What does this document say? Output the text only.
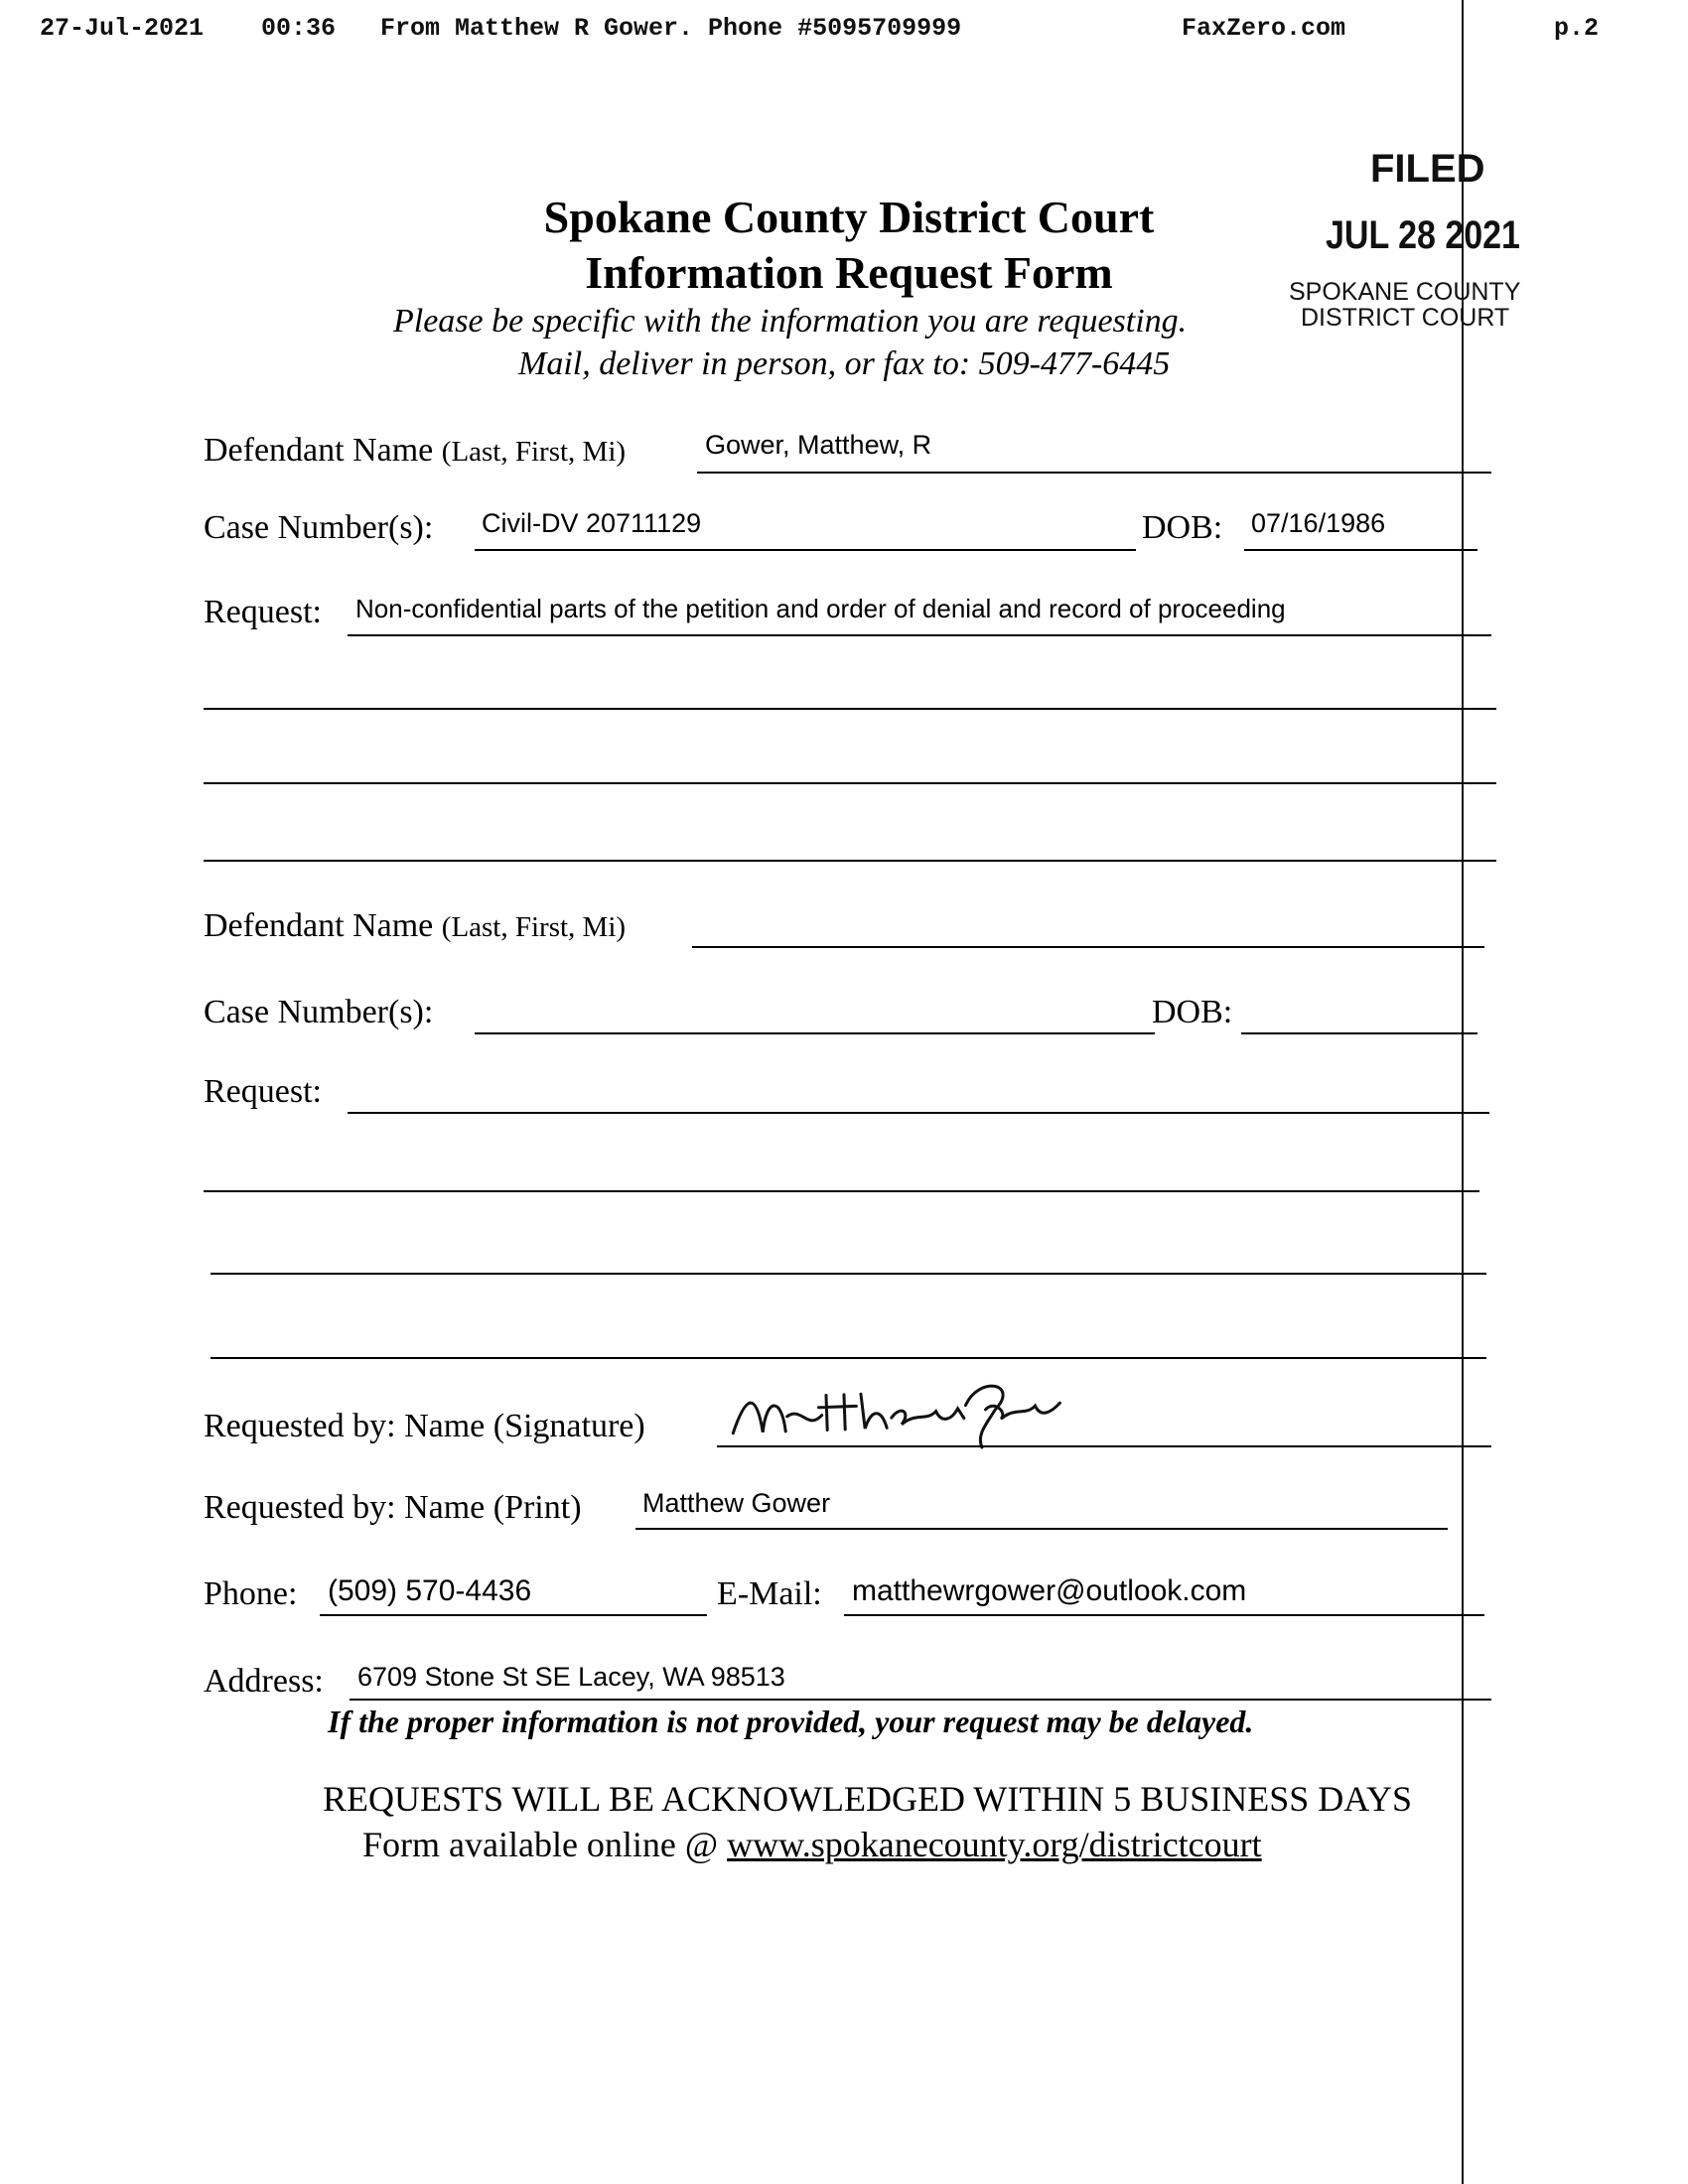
27-Jul-2021 00:36 From Matthew R Gower. Phone #5095709999	FaxZero.com	p.2
FILED
JUL 28 2021
SPOKANE COUNTY
DISTRICT COURT
Spokane County District Court
Information Request Form
Please be specific with the information you are requesting.
Mail, deliver in person, or fax to: 509-477-6445
Defendant Name (Last, First, Mi)	Gower, Matthew, R
Case Number(s): Civil-DV 20711129	DOB: 07/16/1986
Request: Non-confidential parts of the petition and order of denial and record of proceeding
Defendant Name (Last, First, Mi)
Case Number(s):	DOB:
Request:
Requested by: Name (Signature)
Requested by: Name (Print) Matthew Gower
Phone: (509) 570-4436	E-Mail: matthewrgower@outlook.com
Address: 6709 Stone St SE Lacey, WA 98513
If the proper information is not provided, your request may be delayed.
REQUESTS WILL BE ACKNOWLEDGED WITHIN 5 BUSINESS DAYS
Form available online @ www.spokanecounty.org/districtcourt
